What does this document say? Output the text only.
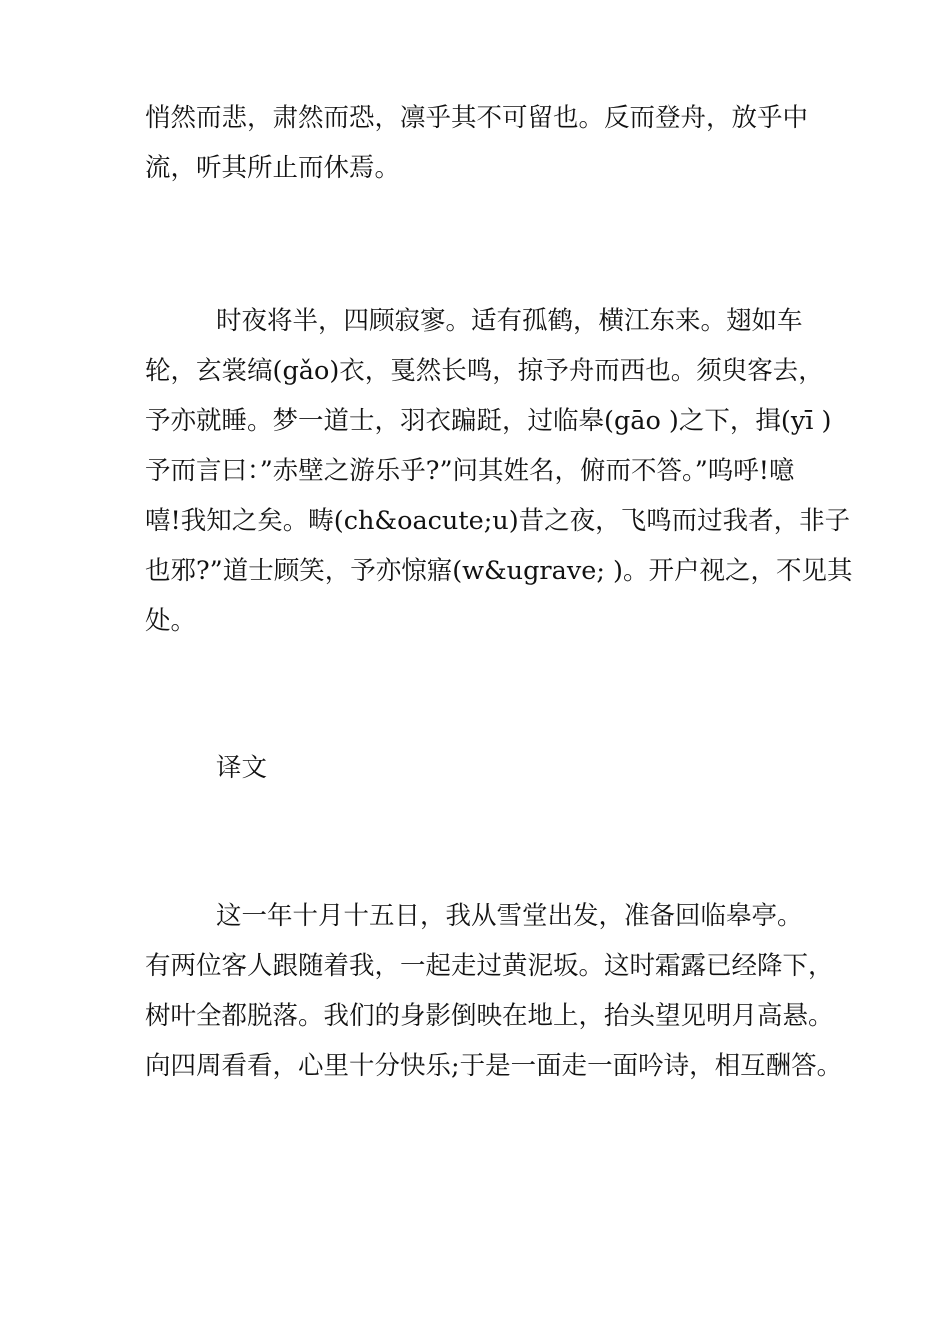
悄然而悲，肃然而恐，凛乎其不可留也。反而登舟，放乎中
流，听其所止而休焉。

时夜将半，四顾寂寥。适有孤鹤，横江东来。翅如车
轮，玄裳缟(gǎo)衣，戛然长鸣，掠予舟而西也。须臾客去，
予亦就睡。梦一道士，羽衣蹁跹，过临皋(gāo )之下，揖(yī )
予而言曰：”赤壁之游乐乎?”问其姓名，俯而不答。”呜呼!噫
嘻!我知之矣。畴(ch&oacute;u)昔之夜，飞鸣而过我者，非子
也邪?”道士顾笑，予亦惊寤(w&ugrave; )。开户视之，不见其
处。

译文

这一年十月十五日，我从雪堂出发，准备回临皋亭。
有两位客人跟随着我，一起走过黄泥坂。这时霜露已经降下，
树叶全都脱落。我们的身影倒映在地上，抬头望见明月高悬。
向四周看看，心里十分快乐;于是一面走一面吟诗，相互酬答。
